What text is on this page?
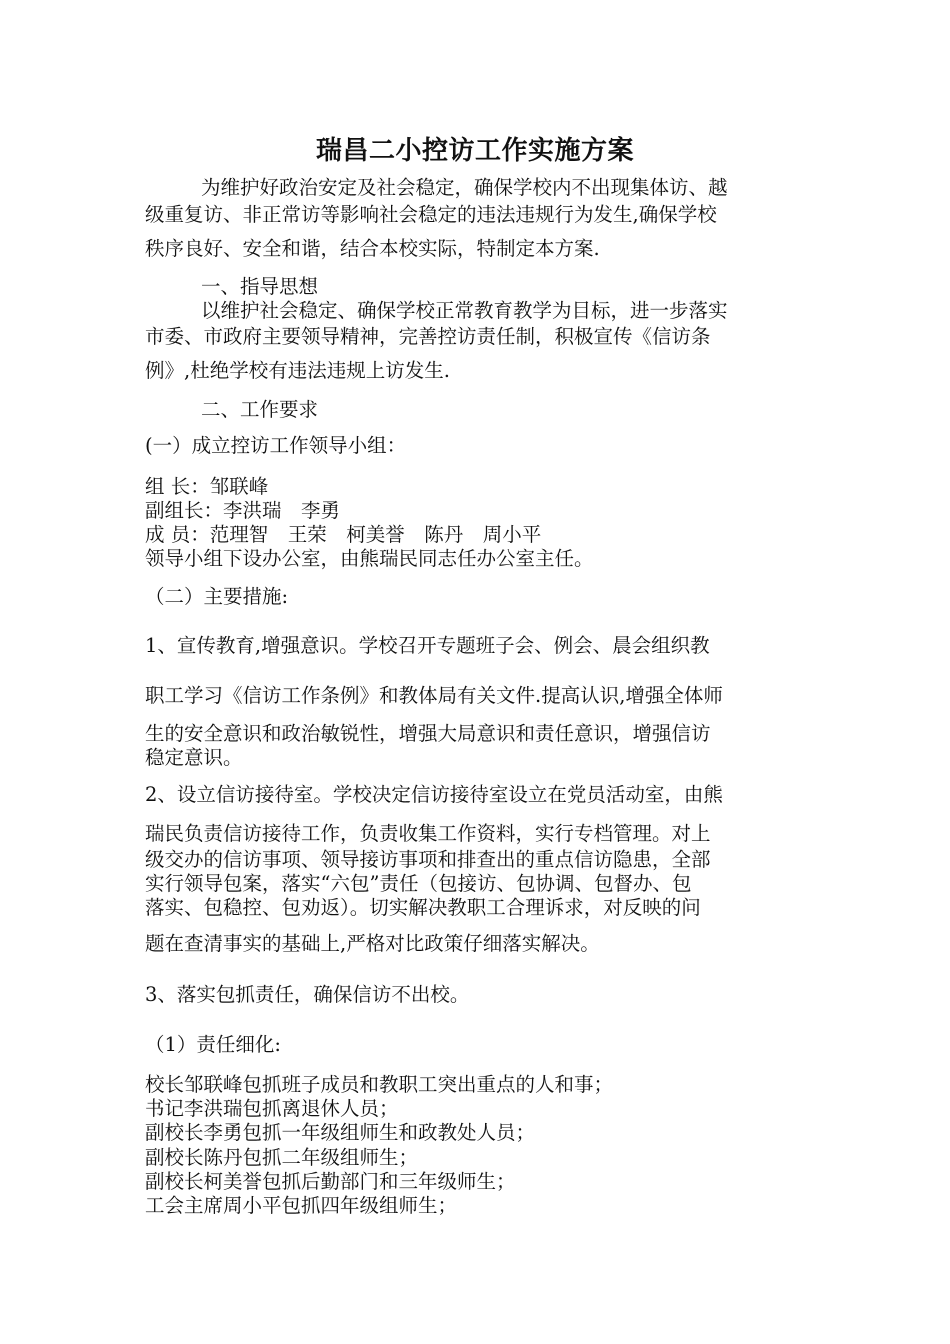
瑞昌二小控访工作实施方案
为维护好政治安定及社会稳定，确保学校内不出现集体访、越
级重复访、非正常访等影响社会稳定的违法违规行为发生,确保学校
秩序良好、安全和谐，结合本校实际，特制定本方案.
一、指导思想
以维护社会稳定、确保学校正常教育教学为目标，进一步落实
市委、市政府主要领导精神，完善控访责任制，积极宣传《信访条
例》,杜绝学校有违法违规上访发生.
二、工作要求
(一）成立控访工作领导小组：
组 长：邹联峰
副组长：李洪瑞　李勇
成 员：范理智　王荣　柯美誉　陈丹　周小平
领导小组下设办公室，由熊瑞民同志任办公室主任。
（二）主要措施:
1、宣传教育,增强意识。学校召开专题班子会、例会、晨会组织教
职工学习《信访工作条例》和教体局有关文件.提高认识,增强全体师
生的安全意识和政治敏锐性，增强大局意识和责任意识，增强信访
稳定意识。
2、设立信访接待室。学校决定信访接待室设立在党员活动室，由熊
瑞民负责信访接待工作，负责收集工作资料，实行专档管理。对上
级交办的信访事项、领导接访事项和排查出的重点信访隐患，全部
实行领导包案，落实“六包”责任（包接访、包协调、包督办、包
落实、包稳控、包劝返）。切实解决教职工合理诉求，对反映的问
题在查清事实的基础上,严格对比政策仔细落实解决。
3、落实包抓责任，确保信访不出校。
（1）责任细化:
校长邹联峰包抓班子成员和教职工突出重点的人和事；
书记李洪瑞包抓离退休人员；
副校长李勇包抓一年级组师生和政教处人员；
副校长陈丹包抓二年级组师生；
副校长柯美誉包抓后勤部门和三年级师生；
工会主席周小平包抓四年级组师生；
